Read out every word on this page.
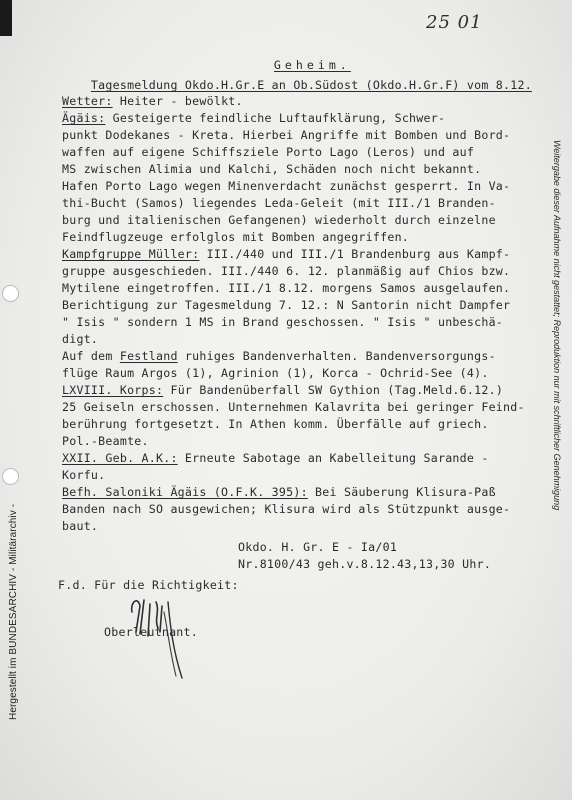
25 01
Hergestellt im BUNDESARCHIV - Militärarchiv -
Weitergabe dieser Aufnahme nicht gestattet; Reproduktion nur mit schriftlicher Genehmigung

Geheim.

Tagesmeldung Okdo.H.Gr.E an Ob.Südost (Okdo.H.Gr.F) vom 8.12.

Wetter: Heiter - bewölkt.
Ägäis: Gesteigerte feindliche Luftaufklärung, Schwer-
punkt Dodekanes - Kreta. Hierbei Angriffe mit Bomben und Bord-
waffen auf eigene Schiffsziele Porto Lago (Leros) und auf
MS zwischen Alimia und Kalchi, Schäden noch nicht bekannt.
Hafen Porto Lago wegen Minenverdacht zunächst gesperrt. In Va-
thi-Bucht (Samos) liegendes Leda-Geleit (mit III./1 Branden-
burg und italienischen Gefangenen) wiederholt durch einzelne
Feindflugzeuge erfolglos mit Bomben angegriffen.
Kampfgruppe Müller: III./440 und III./1 Brandenburg aus Kampf-
gruppe ausgeschieden. III./440 6. 12. planmäßig auf Chios bzw.
Mytilene eingetroffen. III./1 8.12. morgens Samos ausgelaufen.
Berichtigung zur Tagesmeldung 7. 12.: N Santorin nicht Dampfer
" Isis " sondern 1 MS in Brand geschossen. " Isis " unbeschä-
digt.
Auf dem Festland ruhiges Bandenverhalten. Bandenversorgungs-
flüge Raum Argos (1), Agrinion (1), Korca - Ochrid-See (4).
LXVIII. Korps: Für Bandenüberfall SW Gythion (Tag.Meld.6.12.)
25 Geiseln erschossen. Unternehmen Kalavrita bei geringer Feind-
berührung fortgesetzt. In Athen komm. Überfälle auf griech.
Pol.-Beamte.
XXII. Geb. A.K.: Erneute Sabotage an Kabelleitung Sarande -
Korfu.
Befh. Saloniki Ägäis (O.F.K. 395): Bei Säuberung Klisura-Paß
Banden nach SO ausgewichen; Klisura wird als Stützpunkt ausge-
baut.
Okdo. H. Gr. E - Ia/01
Nr.8100/43 geh.v.8.12.43,13,30 Uhr.
F.d. Für die Richtigkeit:
Oberleutnant.
